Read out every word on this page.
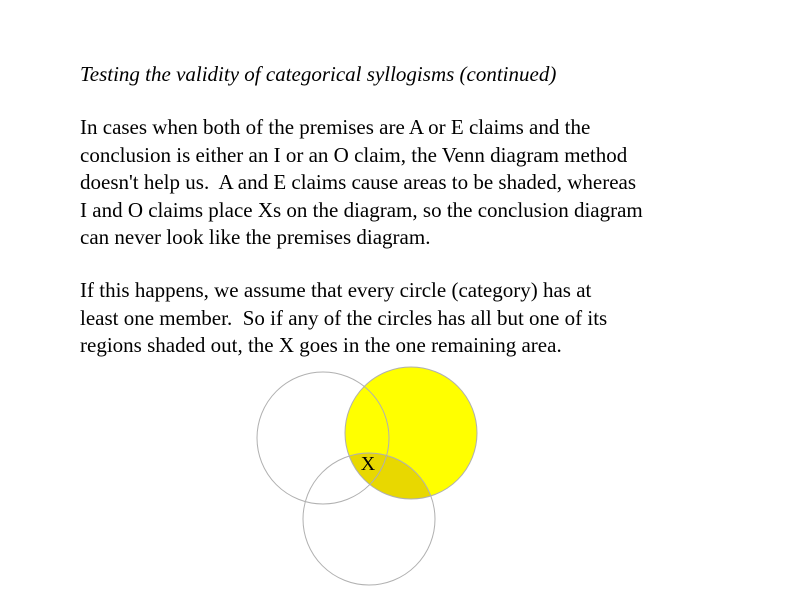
Testing the validity of categorical syllogisms (continued)

In cases when both of the premises are A or E claims and the
conclusion is either an I or an O claim, the Venn diagram method
doesn't help us.  A and E claims cause areas to be shaded, whereas
I and O claims place Xs on the diagram, so the conclusion diagram
can never look like the premises diagram.

If this happens, we assume that every circle (category) has at
least one member.  So if any of the circles has all but one of its
regions shaded out, the X goes in the one remaining area.

X
